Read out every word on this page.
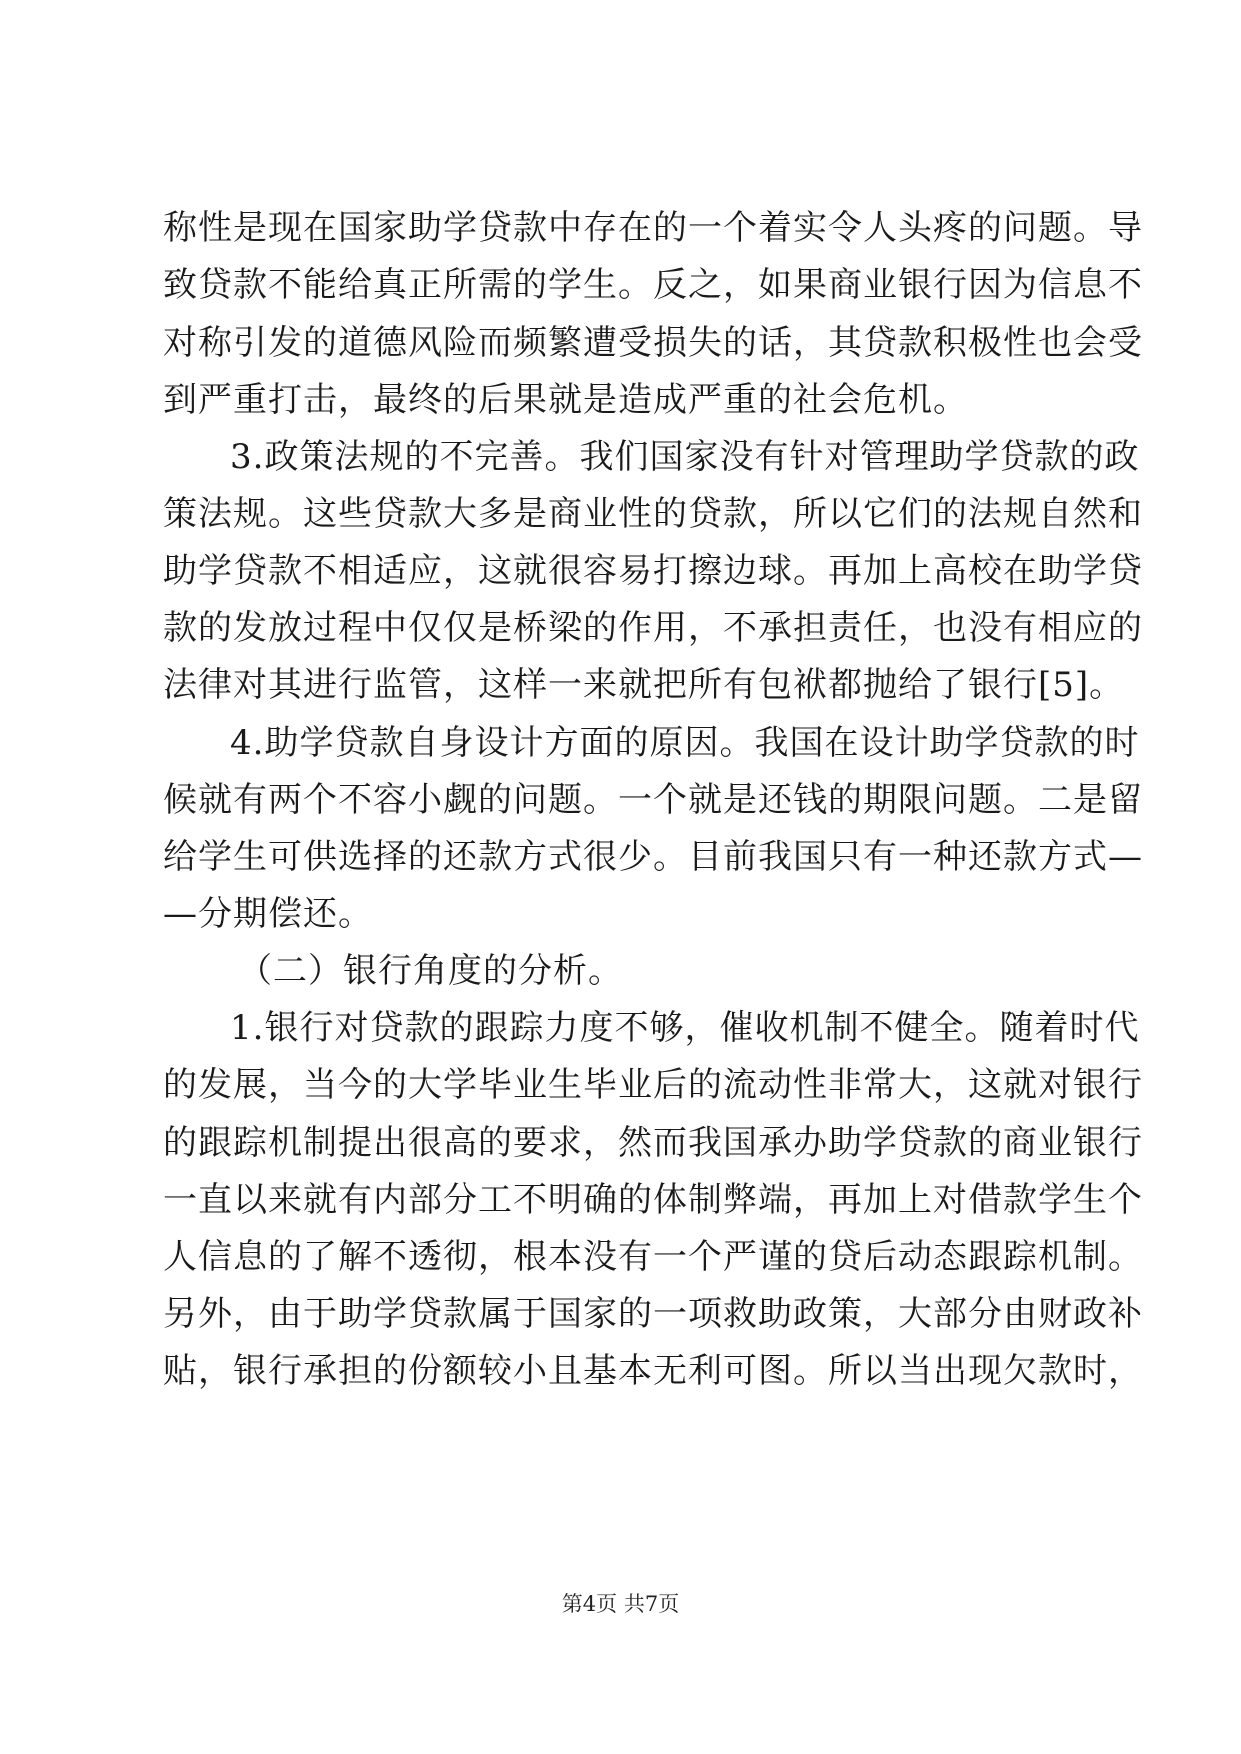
称性是现在国家助学贷款中存在的一个着实令人头疼的问题。导
致贷款不能给真正所需的学生。反之，如果商业银行因为信息不
对称引发的道德风险而频繁遭受损失的话，其贷款积极性也会受
到严重打击，最终的后果就是造成严重的社会危机。
3.政策法规的不完善。我们国家没有针对管理助学贷款的政
策法规。这些贷款大多是商业性的贷款，所以它们的法规自然和
助学贷款不相适应，这就很容易打擦边球。再加上高校在助学贷
款的发放过程中仅仅是桥梁的作用，不承担责任，也没有相应的
法律对其进行监管，这样一来就把所有包袱都抛给了银行[5]。
4.助学贷款自身设计方面的原因。我国在设计助学贷款的时
候就有两个不容小觑的问题。一个就是还钱的期限问题。二是留
给学生可供选择的还款方式很少。目前我国只有一种还款方式—
—分期偿还。
（二）银行角度的分析。
1.银行对贷款的跟踪力度不够，催收机制不健全。随着时代
的发展，当今的大学毕业生毕业后的流动性非常大，这就对银行
的跟踪机制提出很高的要求，然而我国承办助学贷款的商业银行
一直以来就有内部分工不明确的体制弊端，再加上对借款学生个
人信息的了解不透彻，根本没有一个严谨的贷后动态跟踪机制。
另外，由于助学贷款属于国家的一项救助政策，大部分由财政补
贴，银行承担的份额较小且基本无利可图。所以当出现欠款时，
第4页 共7页
